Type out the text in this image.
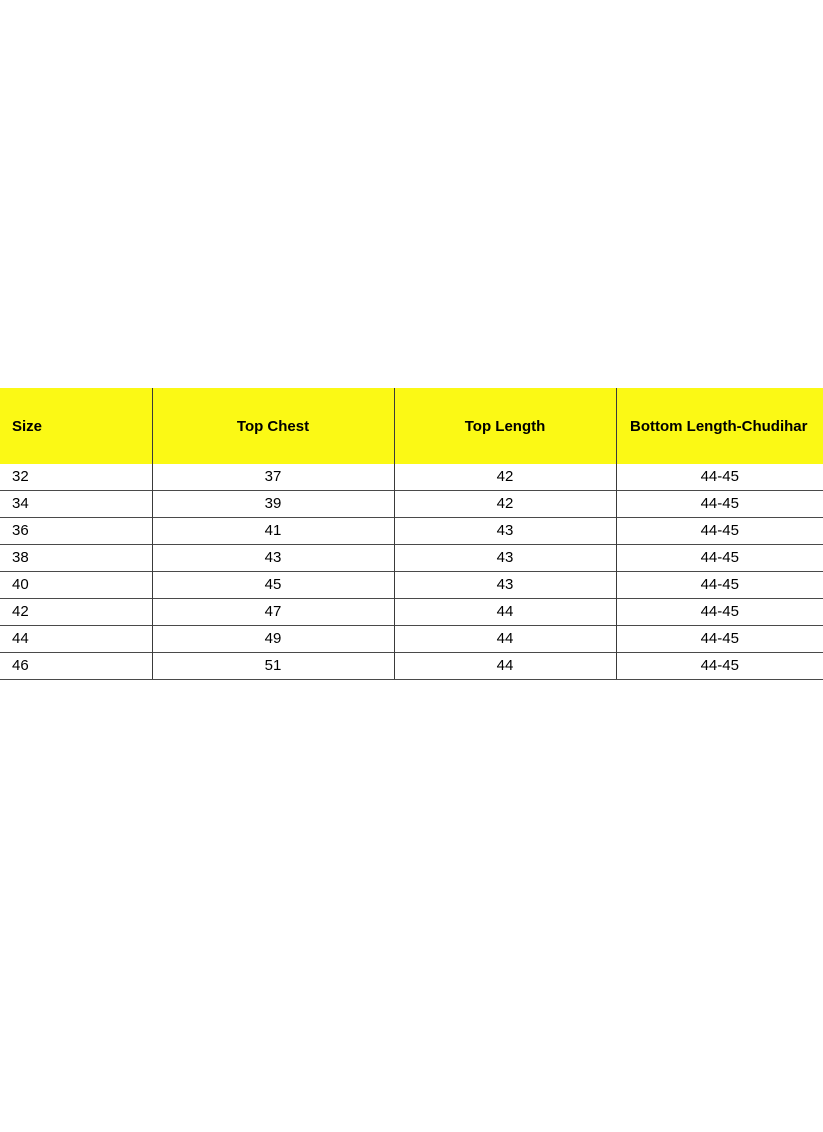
Size	Top Chest	Top Length	Bottom Length-Chudihar
32	37	42	44-45
34	39	42	44-45
36	41	43	44-45
38	43	43	44-45
40	45	43	44-45
42	47	44	44-45
44	49	44	44-45
46	51	44	44-45
